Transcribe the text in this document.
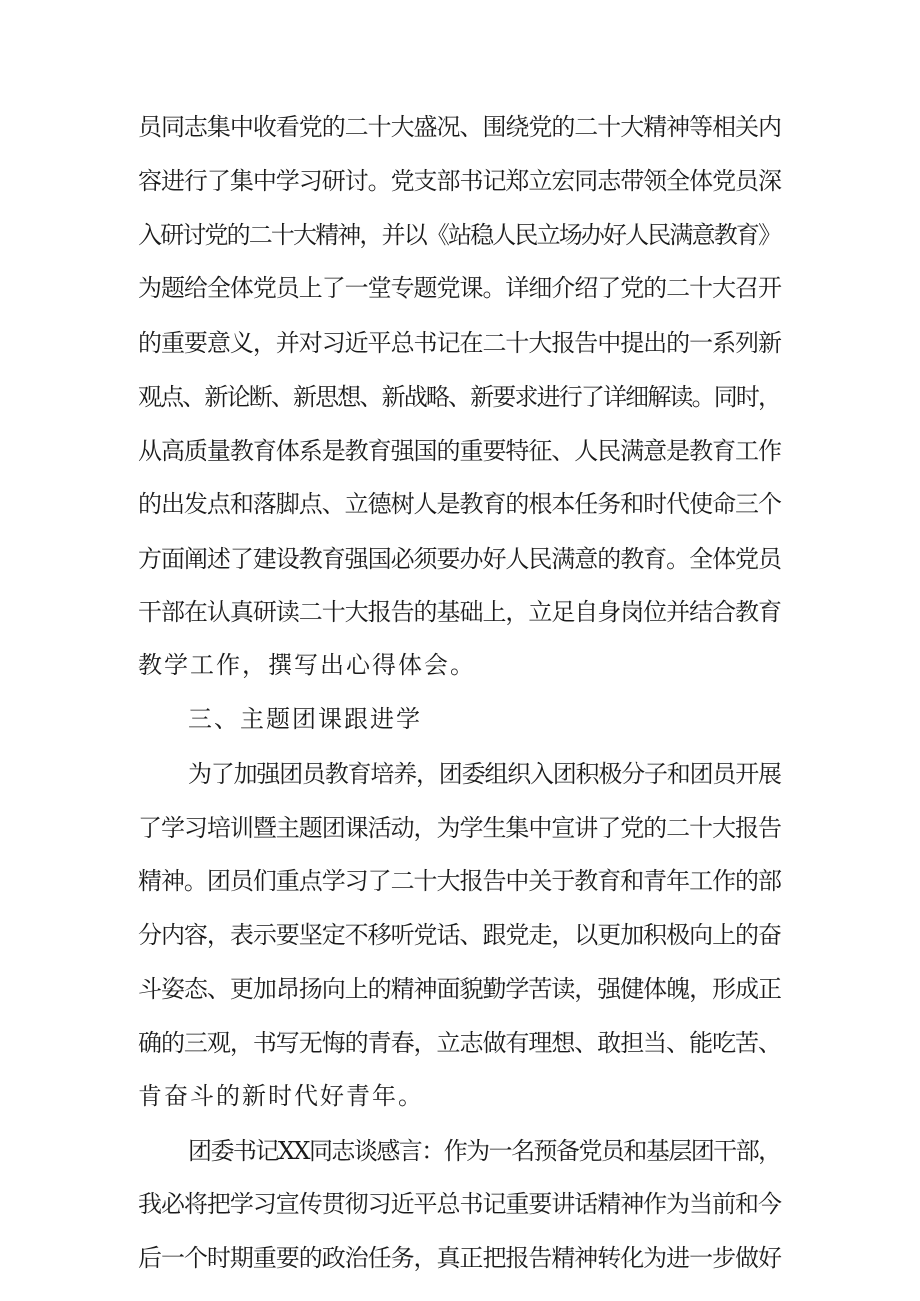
员同志集中收看党的二十大盛况、围绕党的二十大精神等相关内
容进行了集中学习研讨。党支部书记郑立宏同志带领全体党员深
入研讨党的二十大精神，并以《站稳人民立场办好人民满意教育》
为题给全体党员上了一堂专题党课。详细介绍了党的二十大召开
的重要意义，并对习近平总书记在二十大报告中提出的一系列新
观点、新论断、新思想、新战略、新要求进行了详细解读。同时，
从高质量教育体系是教育强国的重要特征、人民满意是教育工作
的出发点和落脚点、立德树人是教育的根本任务和时代使命三个
方面阐述了建设教育强国必须要办好人民满意的教育。全体党员
干部在认真研读二十大报告的基础上，立足自身岗位并结合教育
教学工作，撰写出心得体会。
三、主题团课跟进学
为了加强团员教育培养，团委组织入团积极分子和团员开展
了学习培训暨主题团课活动，为学生集中宣讲了党的二十大报告
精神。团员们重点学习了二十大报告中关于教育和青年工作的部
分内容，表示要坚定不移听党话、跟党走，以更加积极向上的奋
斗姿态、更加昂扬向上的精神面貌勤学苦读，强健体魄，形成正
确的三观，书写无悔的青春，立志做有理想、敢担当、能吃苦、
肯奋斗的新时代好青年。
团委书记XX同志谈感言：作为一名预备党员和基层团干部，
我必将把学习宣传贯彻习近平总书记重要讲话精神作为当前和今
后一个时期重要的政治任务，真正把报告精神转化为进一步做好
